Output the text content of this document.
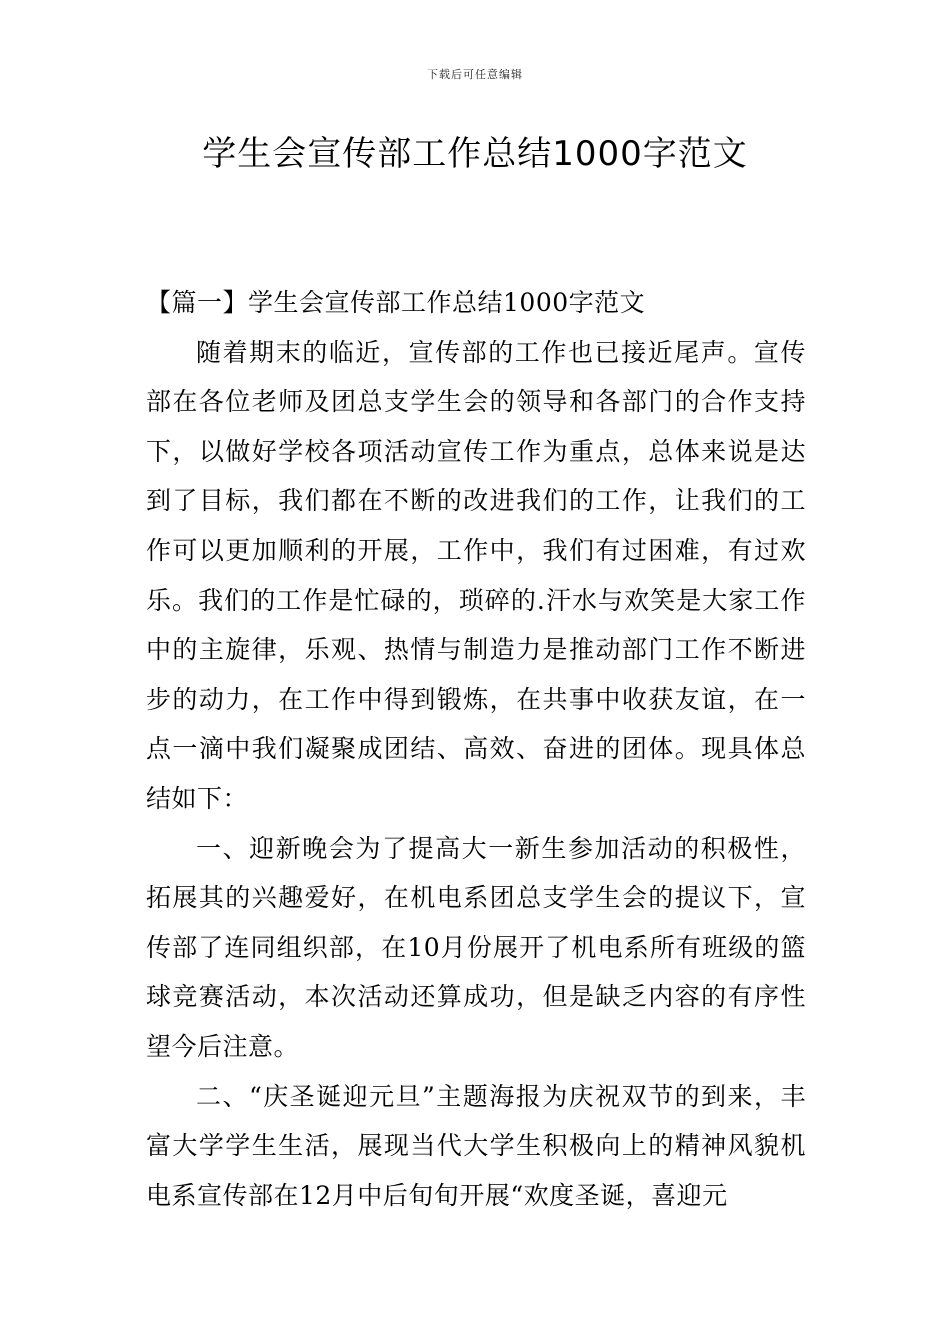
下载后可任意编辑
学生会宣传部工作总结1000字范文

【篇一】学生会宣传部工作总结1000字范文

随着期末的临近，宣传部的工作也已接近尾声。宣传部在各位老师及团总支学生会的领导和各部门的合作支持下，以做好学校各项活动宣传工作为重点，总体来说是达到了目标，我们都在不断的改进我们的工作，让我们的工作可以更加顺利的开展，工作中，我们有过困难，有过欢乐。我们的工作是忙碌的，琐碎的.汗水与欢笑是大家工作中的主旋律，乐观、热情与制造力是推动部门工作不断进步的动力，在工作中得到锻炼，在共事中收获友谊，在一点一滴中我们凝聚成团结、高效、奋进的团体。现具体总结如下：

一、迎新晚会为了提高大一新生参加活动的积极性，拓展其的兴趣爱好，在机电系团总支学生会的提议下，宣传部了连同组织部，在10月份展开了机电系所有班级的篮球竞赛活动，本次活动还算成功，但是缺乏内容的有序性望今后注意。

二、“庆圣诞迎元旦”主题海报为庆祝双节的到来，丰富大学学生生活，展现当代大学生积极向上的精神风貌机电系宣传部在12月中后旬旬开展“欢度圣诞，喜迎元
